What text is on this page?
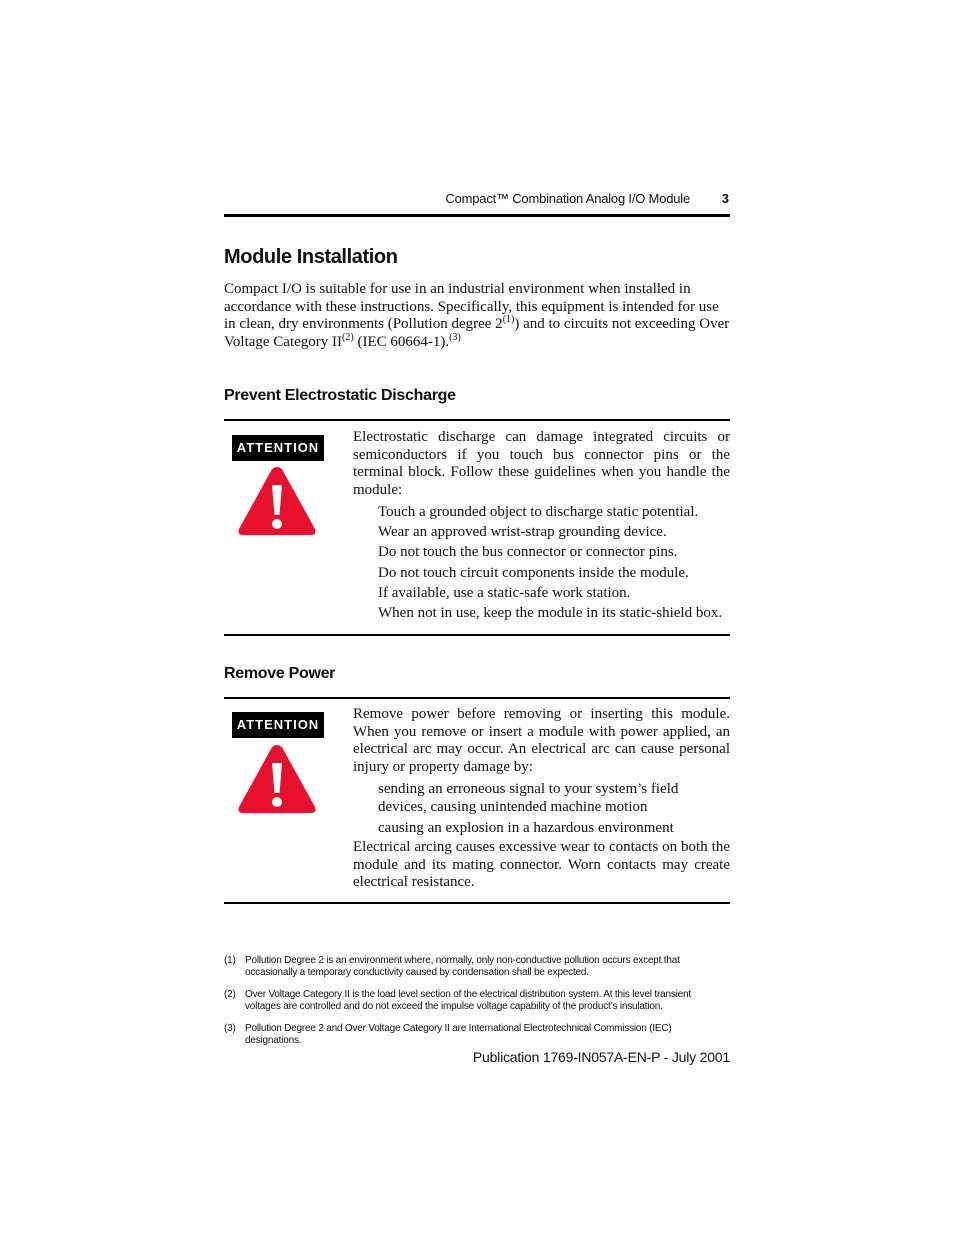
Compact™ Combination Analog I/O Module 3
Module Installation

Compact I/O is suitable for use in an industrial environment when installed in accordance with these instructions. Specifically, this equipment is intended for use in clean, dry environments (Pollution degree 2$^{(1)}$) and to circuits not exceeding Over Voltage Category II$^{(2)}$ (IEC 60664-1).$^{(3)}$

Prevent Electrostatic Discharge
ATTENTION

Electrostatic discharge can damage integrated circuits or semiconductors if you touch bus connector pins or the terminal block. Follow these guidelines when you handle the module:

Touch a grounded object to discharge static potential.
Wear an approved wrist-strap grounding device.
Do not touch the bus connector or connector pins.
Do not touch circuit components inside the module.
If available, use a static-safe work station.
When not in use, keep the module in its static-shield box.
Remove Power
ATTENTION

Remove power before removing or inserting this module. When you remove or insert a module with power applied, an electrical arc may occur. An electrical arc can cause personal injury or property damage by:

sending an erroneous signal to your system’s field devices, causing unintended machine motion
causing an explosion in a hazardous environment

Electrical arcing causes excessive wear to contacts on both the module and its mating connector. Worn contacts may create electrical resistance.

(1) Pollution Degree 2 is an environment where, normally, only non-conductive pollution occurs except that occasionally a temporary conductivity caused by condensation shall be expected.
(2) Over Voltage Category II is the load level section of the electrical distribution system. At this level transient voltages are controlled and do not exceed the impulse voltage capability of the product’s insulation.
(3) Pollution Degree 2 and Over Voltage Category II are International Electrotechnical Commission (IEC) designations.
Publication 1769-IN057A-EN-P - July 2001
